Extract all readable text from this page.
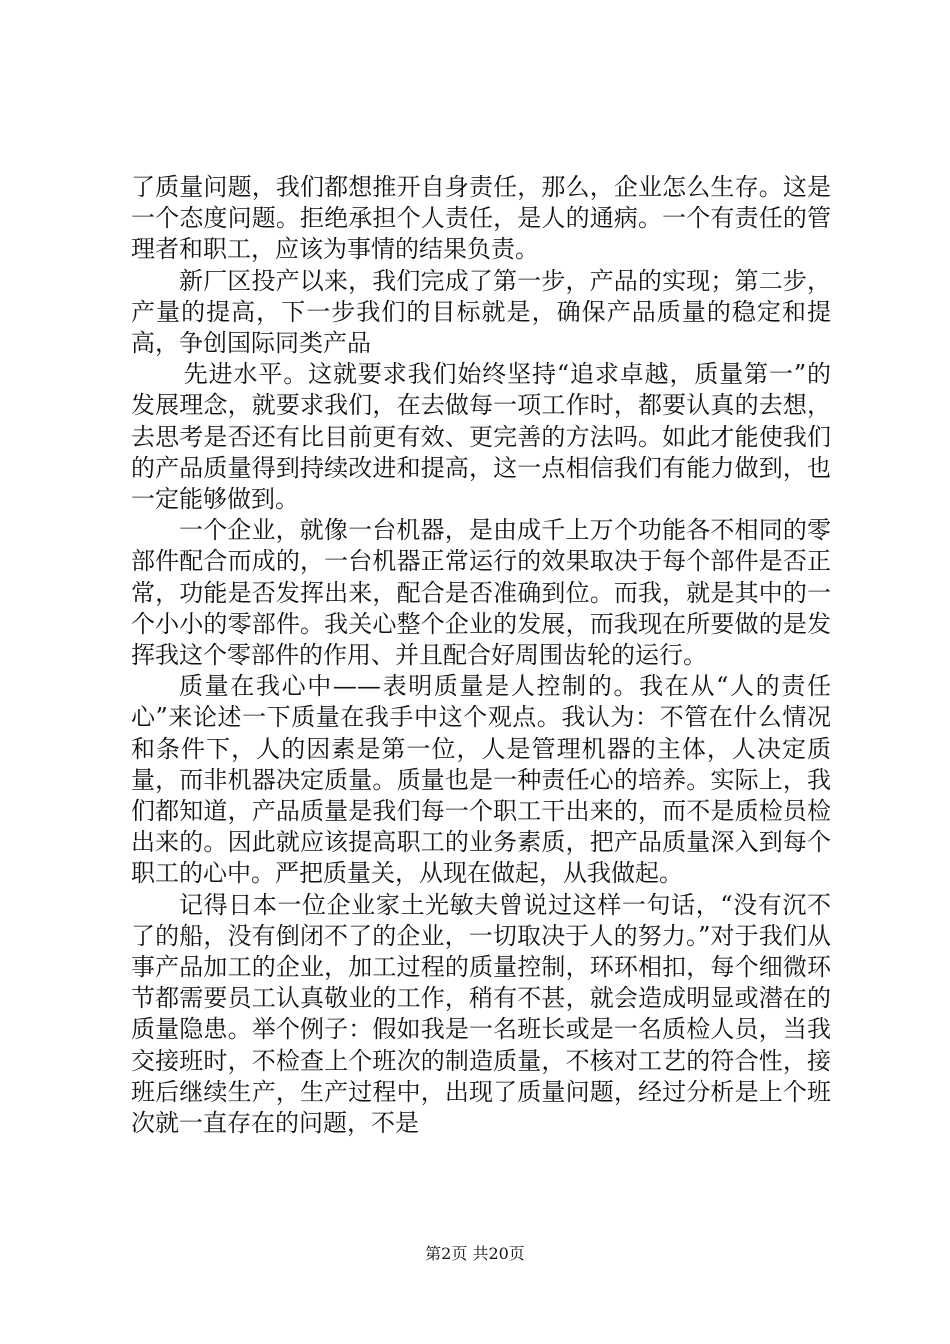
了质量问题，我们都想推开自身责任，那么，企业怎么生存。这是一个态度问题。拒绝承担个人责任，是人的通病。一个有责任的管理者和职工，应该为事情的结果负责。

新厂区投产以来，我们完成了第一步，产品的实现；第二步，产量的提高，下一步我们的目标就是，确保产品质量的稳定和提高，争创国际同类产品

先进水平。这就要求我们始终坚持“追求卓越，质量第一”的发展理念，就要求我们，在去做每一项工作时，都要认真的去想，去思考是否还有比目前更有效、更完善的方法吗。如此才能使我们的产品质量得到持续改进和提高，这一点相信我们有能力做到，也一定能够做到。

一个企业，就像一台机器，是由成千上万个功能各不相同的零部件配合而成的，一台机器正常运行的效果取决于每个部件是否正常，功能是否发挥出来，配合是否准确到位。而我，就是其中的一个小小的零部件。我关心整个企业的发展，而我现在所要做的是发挥我这个零部件的作用、并且配合好周围齿轮的运行。

质量在我心中——表明质量是人控制的。我在从“人的责任心”来论述一下质量在我手中这个观点。我认为：不管在什么情况和条件下，人的因素是第一位，人是管理机器的主体，人决定质量，而非机器决定质量。质量也是一种责任心的培养。实际上，我们都知道，产品质量是我们每一个职工干出来的，而不是质检员检出来的。因此就应该提高职工的业务素质，把产品质量深入到每个职工的心中。严把质量关，从现在做起，从我做起。

记得日本一位企业家土光敏夫曾说过这样一句话，“没有沉不了的船，没有倒闭不了的企业，一切取决于人的努力。”对于我们从事产品加工的企业，加工过程的质量控制，环环相扣，每个细微环节都需要员工认真敬业的工作，稍有不甚，就会造成明显或潜在的质量隐患。举个例子：假如我是一名班长或是一名质检人员，当我交接班时，不检查上个班次的制造质量，不核对工艺的符合性，接班后继续生产，生产过程中，出现了质量问题，经过分析是上个班次就一直存在的问题，不是

第2页 共20页
